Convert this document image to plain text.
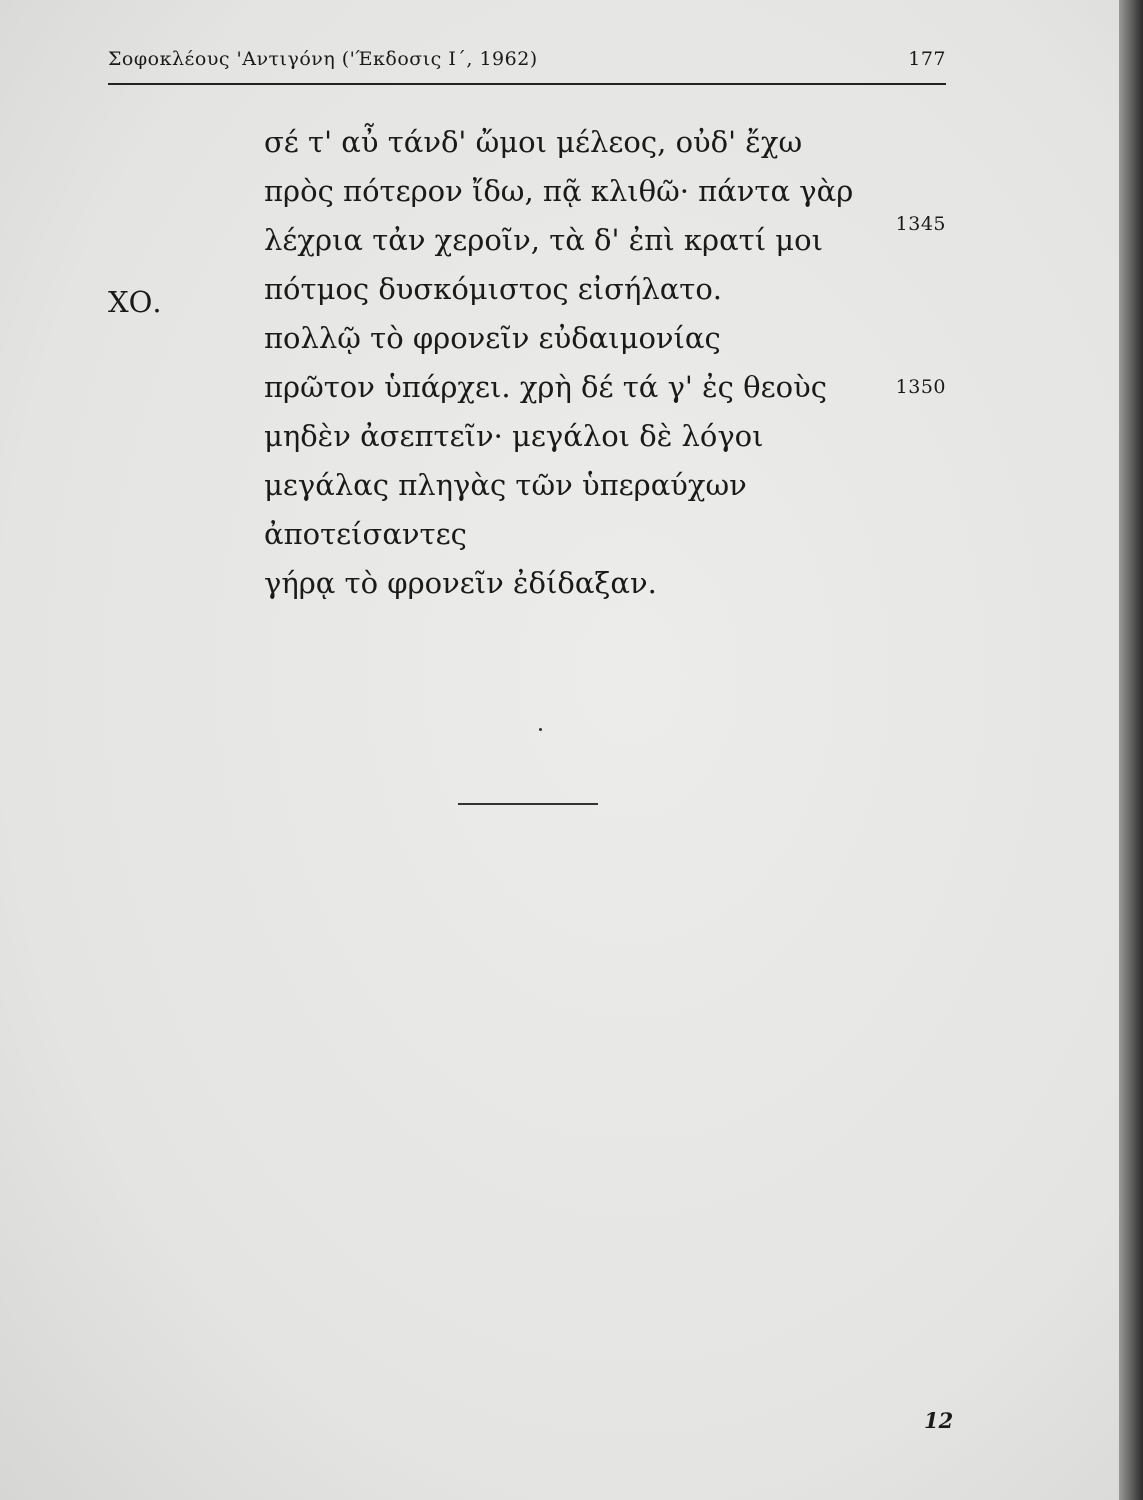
Σοφοκλέους 'Αντιγόνη ('Έκδοσις Ι΄, 1962)	177
σέ τ' αὖ τάνδ' ὤμοι μέλεος, οὐδ' ἔχω
πρὸς πότερον ἴδω, πᾷ κλιθῶ· πάντα γὰρ
λέχρια τἀν χεροῖν, τὰ δ' ἐπὶ κρατί μοι
πότμος δυσκόμιστος εἰσήλατο.
πολλῷ τὸ φρονεῖν εὐδαιμονίας
πρῶτον ὑπάρχει. χρὴ δέ τά γ' ἐς θεοὺς
μηδὲν ἀσεπτεῖν· μεγάλοι δὲ λόγοι
μεγάλας πληγὰς τῶν ὑπεραύχων
ἀποτείσαντες
γήρᾳ τὸ φρονεῖν ἐδίδαξαν.
ΧΟ.
1345
1350
12
